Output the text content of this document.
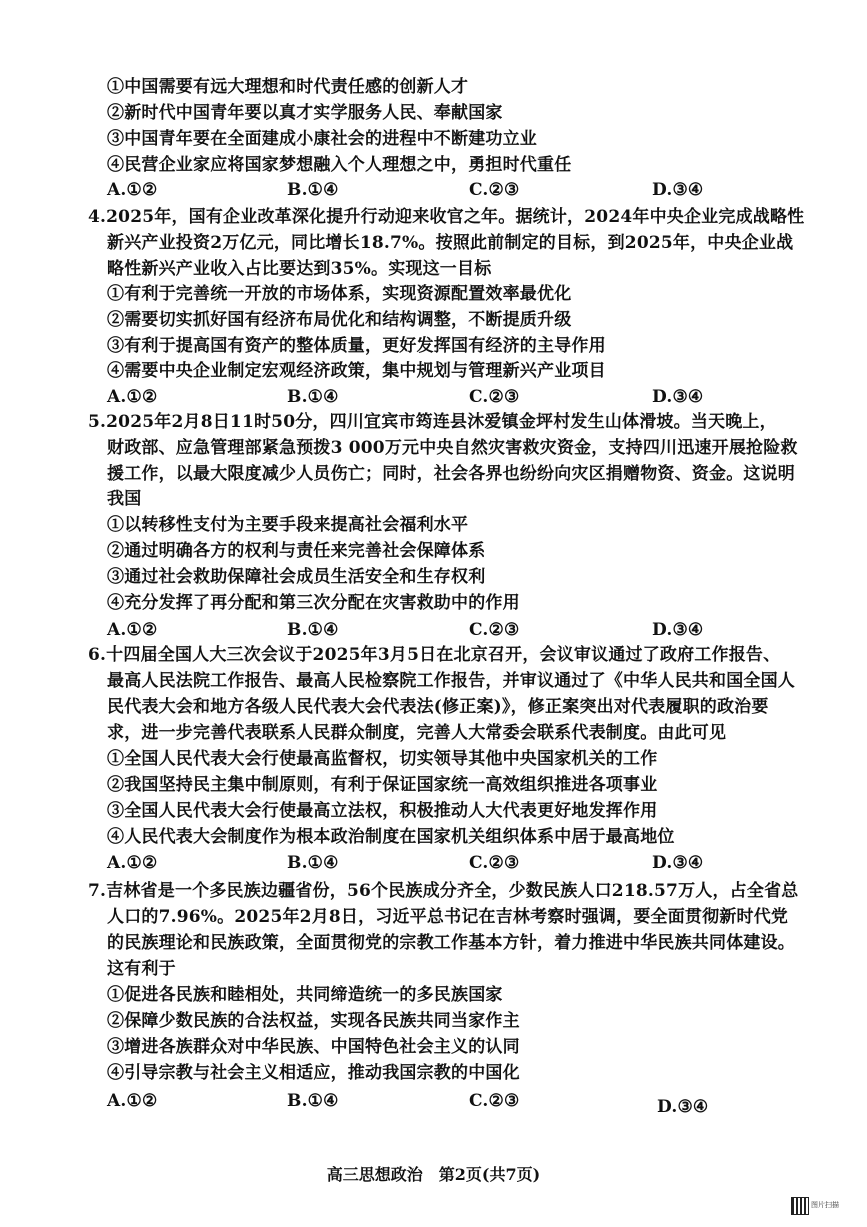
①中国需要有远大理想和时代责任感的创新人才
②新时代中国青年要以真才实学服务人民、奉献国家
③中国青年要在全面建成小康社会的进程中不断建功立业
④民营企业家应将国家梦想融入个人理想之中，勇担时代重任
A.①②	B.①④	C.②③	D.③④
4.2025年，国有企业改革深化提升行动迎来收官之年。据统计，2024年中央企业完成战略性
新兴产业投资2万亿元，同比增长18.7%。按照此前制定的目标，到2025年，中央企业战
略性新兴产业收入占比要达到35%。实现这一目标
①有利于完善统一开放的市场体系，实现资源配置效率最优化
②需要切实抓好国有经济布局优化和结构调整，不断提质升级
③有利于提高国有资产的整体质量，更好发挥国有经济的主导作用
④需要中央企业制定宏观经济政策，集中规划与管理新兴产业项目
A.①②	B.①④	C.②③	D.③④
5.2025年2月8日11时50分，四川宜宾市筠连县沐爱镇金坪村发生山体滑坡。当天晚上，
财政部、应急管理部紧急预拨3 000万元中央自然灾害救灾资金，支持四川迅速开展抢险救
援工作，以最大限度减少人员伤亡；同时，社会各界也纷纷向灾区捐赠物资、资金。这说明
我国
①以转移性支付为主要手段来提高社会福利水平
②通过明确各方的权利与责任来完善社会保障体系
③通过社会救助保障社会成员生活安全和生存权利
④充分发挥了再分配和第三次分配在灾害救助中的作用
A.①②	B.①④	C.②③	D.③④
6.十四届全国人大三次会议于2025年3月5日在北京召开，会议审议通过了政府工作报告、
最高人民法院工作报告、最高人民检察院工作报告，并审议通过了《中华人民共和国全国人
民代表大会和地方各级人民代表大会代表法(修正案)》，修正案突出对代表履职的政治要
求，进一步完善代表联系人民群众制度，完善人大常委会联系代表制度。由此可见
①全国人民代表大会行使最高监督权，切实领导其他中央国家机关的工作
②我国坚持民主集中制原则，有利于保证国家统一高效组织推进各项事业
③全国人民代表大会行使最高立法权，积极推动人大代表更好地发挥作用
④人民代表大会制度作为根本政治制度在国家机关组织体系中居于最高地位
A.①②	B.①④	C.②③	D.③④
7.吉林省是一个多民族边疆省份，56个民族成分齐全，少数民族人口218.57万人，占全省总
人口的7.96%。2025年2月8日，习近平总书记在吉林考察时强调，要全面贯彻新时代党
的民族理论和民族政策，全面贯彻党的宗教工作基本方针，着力推进中华民族共同体建设。
这有利于
①促进各民族和睦相处，共同缔造统一的多民族国家
②保障少数民族的合法权益，实现各民族共同当家作主
③增进各族群众对中华民族、中国特色社会主义的认同
④引导宗教与社会主义相适应，推动我国宗教的中国化
A.①②	B.①④	C.②③	D.③④
高三思想政治　第2页(共7页)
图片扫描
